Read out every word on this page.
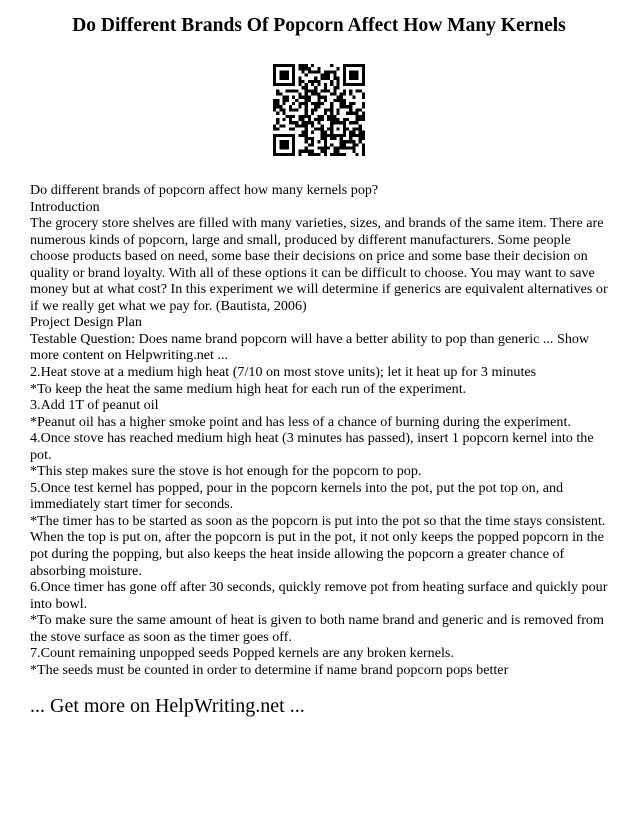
Do Different Brands Of Popcorn Affect How Many Kernels

Do different brands of popcorn affect how many kernels pop?

Introduction

The grocery store shelves are filled with many varieties, sizes, and brands of the same item. There are numerous kinds of popcorn, large and small, produced by different manufacturers. Some people choose products based on need, some base their decisions on price and some base their decision on quality or brand loyalty. With all of these options it can be difficult to choose. You may want to save money but at what cost? In this experiment we will determine if generics are equivalent alternatives or if we really get what we pay for. (Bautista, 2006)

Project Design Plan

Testable Question: Does name brand popcorn will have a better ability to pop than generic ... Show more content on Helpwriting.net ...

2.Heat stove at a medium high heat (7/10 on most stove units); let it heat up for 3 minutes

*To keep the heat the same medium high heat for each run of the experiment.

3.Add 1T of peanut oil

*Peanut oil has a higher smoke point and has less of a chance of burning during the experiment.

4.Once stove has reached medium high heat (3 minutes has passed), insert 1 popcorn kernel into the pot.

*This step makes sure the stove is hot enough for the popcorn to pop.

5.Once test kernel has popped, pour in the popcorn kernels into the pot, put the pot top on, and immediately start timer for seconds.

*The timer has to be started as soon as the popcorn is put into the pot so that the time stays consistent. When the top is put on, after the popcorn is put in the pot, it not only keeps the popped popcorn in the pot during the popping, but also keeps the heat inside allowing the popcorn a greater chance of absorbing moisture.

6.Once timer has gone off after 30 seconds, quickly remove pot from heating surface and quickly pour into bowl.

*To make sure the same amount of heat is given to both name brand and generic and is removed from the stove surface as soon as the timer goes off.

7.Count remaining unpopped seeds Popped kernels are any broken kernels.

*The seeds must be counted in order to determine if name brand popcorn pops better

... Get more on HelpWriting.net ...
